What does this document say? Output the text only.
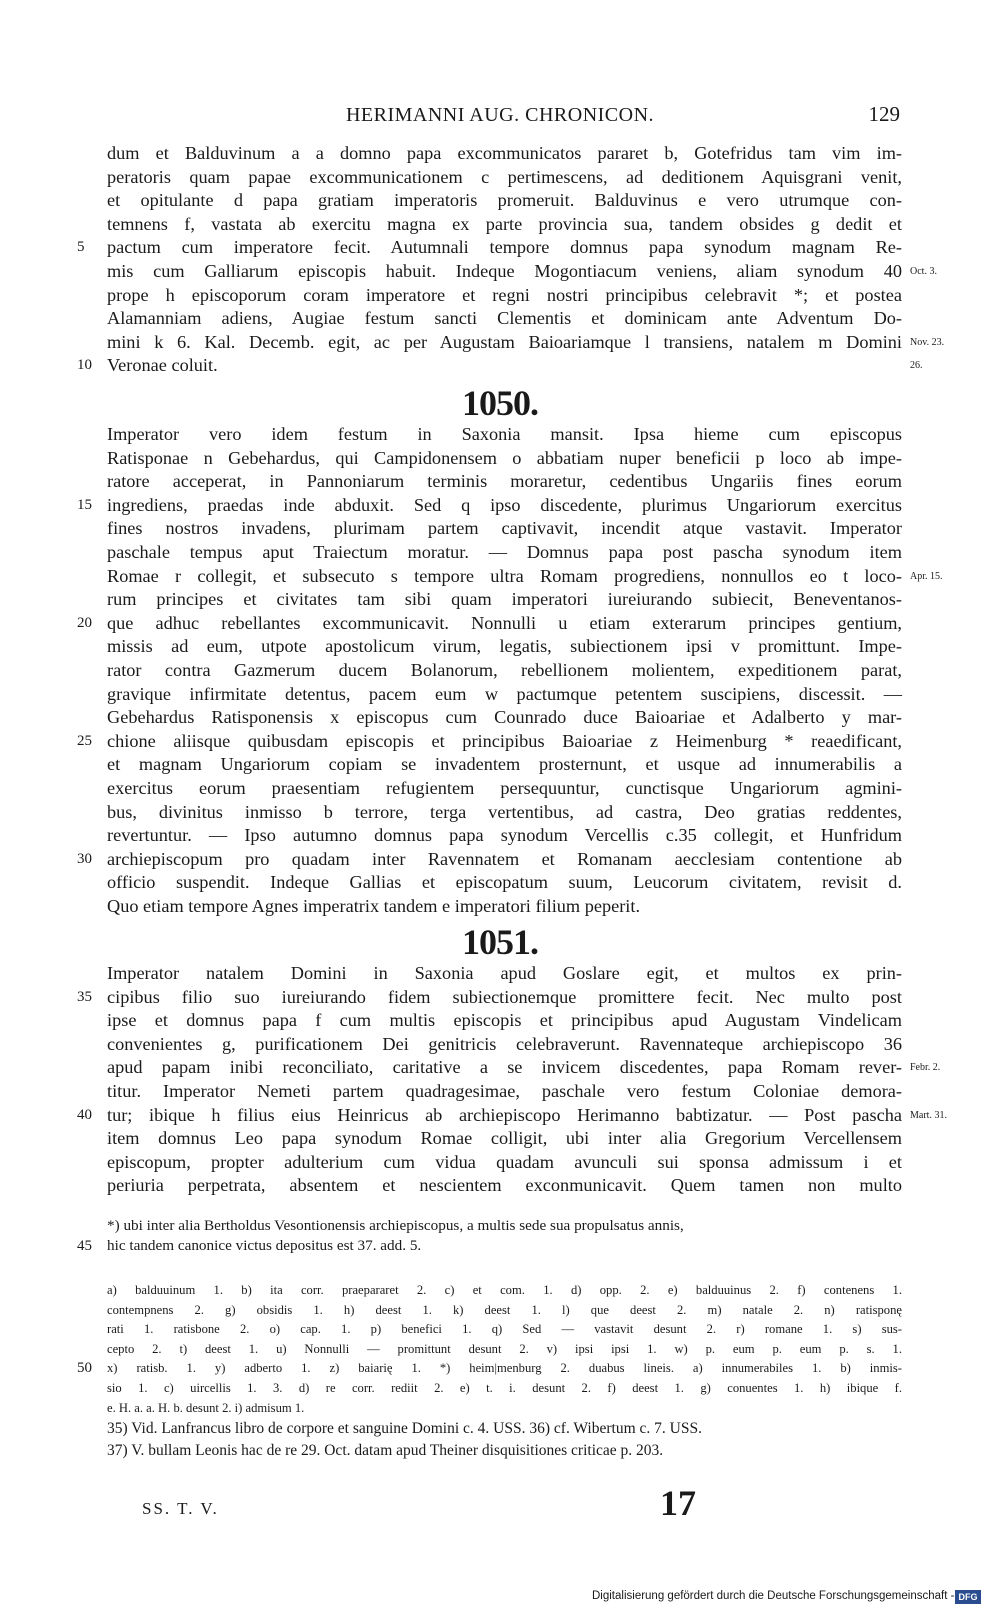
HERIMANNI AUG. CHRONICON.	129
dum et Balduvinum a a domno papa excommunicatos pararet b, Gotefridus tam vim im-
peratoris quam papae excommunicationem c pertimescens, ad deditionem Aquisgrani venit,
et opitulante d papa gratiam imperatoris promeruit. Balduvinus e vero utrumque con-
temnens f, vastata ab exercitu magna ex parte provincia sua, tandem obsides g dedit et
5	pactum cum imperatore fecit. Autumnali tempore domnus papa synodum magnam Re-
Oct. 3.
mis cum Galliarum episcopis habuit. Indeque Mogontiacum veniens, aliam synodum 40
prope h episcoporum coram imperatore et regni nostri principibus celebravit *; et postea
Alamanniam adiens, Augiae festum sancti Clementis et dominicam ante Adventum Do-
Nov. 23.
mini k 6. Kal. Decemb. egit, ac per Augustam Baioariamque l transiens, natalem m Domini
26.
10 Veronae coluit.
1050.
Imperator vero idem festum in Saxonia mansit. Ipsa hieme cum episcopus
Ratisponae n Gebehardus, qui Campidonensem o abbatiam nuper beneficii p loco ab impe-
ratore acceperat, in Pannoniarum terminis moraretur, cedentibus Ungariis fines eorum
15 ingrediens, praedas inde abduxit. Sed q ipso discedente, plurimus Ungariorum exercitus
fines nostros invadens, plurimam partem captivavit, incendit atque vastavit. Imperator
paschale tempus aput Traiectum moratur. — Domnus papa post pascha synodum item
Apr. 15.
Romae r collegit, et subsecuto s tempore ultra Romam progrediens, nonnullos eo t loco-
rum principes et civitates tam sibi quam imperatori iureiurando subiecit, Beneventanos-
20 que adhuc rebellantes excommunicavit. Nonnulli u etiam exterarum principes gentium,
missis ad eum, utpote apostolicum virum, legatis, subiectionem ipsi v promittunt. Impe-
rator contra Gazmerum ducem Bolanorum, rebellionem molientem, expeditionem parat,
gravique infirmitate detentus, pacem eum w pactumque petentem suscipiens, discessit. —
Gebehardus Ratisponensis x episcopus cum Counrado duce Baioariae et Adalberto y mar-
25 chione aliisque quibusdam episcopis et principibus Baioariae z Heimenburg * reaedificant,
et magnam Ungariorum copiam se invadentem prosternunt, et usque ad innumerabilis a
exercitus eorum praesentiam refugientem persequuntur, cunctisque Ungariorum agmini-
bus, divinitus inmisso b terrore, terga vertentibus, ad castra, Deo gratias reddentes,
revertuntur. — Ipso autumno domnus papa synodum Vercellis c.35 collegit, et Hunfridum
30 archiepiscopum pro quadam inter Ravennatem et Romanam aecclesiam contentione ab
officio suspendit. Indeque Gallias et episcopatum suum, Leucorum civitatem, revisit d.
Quo etiam tempore Agnes imperatrix tandem e imperatori filium peperit.
1051.
Imperator natalem Domini in Saxonia apud Goslare egit, et multos ex prin-
35 cipibus filio suo iureiurando fidem subiectionemque promittere fecit. Nec multo post
ipse et domnus papa f cum multis episcopis et principibus apud Augustam Vindelicam
convenientes g, purificationem Dei genitricis celebraverunt. Ravennateque archiepiscopo 36
Febr. 2.
apud papam inibi reconciliato, caritative a se invicem discedentes, papa Romam rever-
titur. Imperator Nemeti partem quadragesimae, paschale vero festum Coloniae demora-
Mart. 31.
40 tur; ibique h filius eius Heinricus ab archiepiscopo Herimanno babtizatur. — Post pascha
item domnus Leo papa synodum Romae colligit, ubi inter alia Gregorium Vercellensem
episcopum, propter adulterium cum vidua quadam avunculi sui sponsa admissum i et
periuria perpetrata, absentem et nescientem exconmunicavit. Quem tamen non multo
*) ubi inter alia Bertholdus Vesontionensis archiepiscopus, a multis sede sua propulsatus annis,
45 hic tandem canonice victus depositus est 37. add. 5.
a) balduuinum 1. b) ita corr. praepararet 2. c) et com. 1. d) opp. 2. e) balduuinus 2. f) contenens 1.
contempnens 2. g) obsidis 1. h) deest 1. k) deest 1. l) que deest 2. m) natale 2. n) ratisponę
rati 1. ratisbone 2. o) cap. 1. p) benefici 1. q) Sed — vastavit desunt 2. r) romane 1. s) sus-
cepto 2. t) deest 1. u) Nonnulli — promittunt desunt 2. v) ipsi ipsi 1. w) p. eum p. eum p. s. 1.
50	x) ratisb. 1. y) adberto 1. z) baiarię 1. *) heim|menburg 2. duabus lineis. a) innumerabiles 1. b) inmis-
sio 1. c) uircellis 1. 3. d) re corr. rediit 2. e) t. i. desunt 2. f) deest 1. g) conuentes 1. h) ibique f.
e. H. a. a. H. b. desunt 2. i) admisum 1.
35) Vid. Lanfrancus libro de corpore et sanguine Domini c. 4. USS. 36) cf. Wibertum c. 7. USS.
37) V. bullam Leonis hac de re 29. Oct. datam apud Theiner disquisitiones criticae p. 203.
SS. T. V.	17
Digitalisierung gefördert durch die Deutsche Forschungsgemeinschaft - DFG
